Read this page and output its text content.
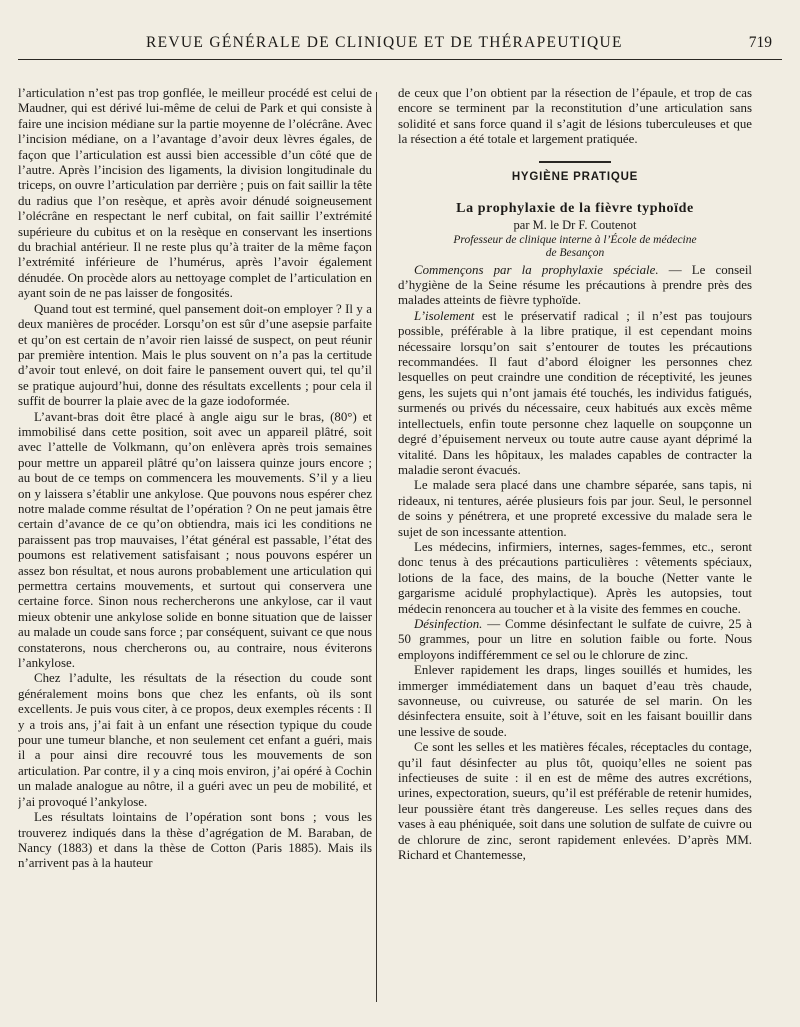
REVUE GÉNÉRALE DE CLINIQUE ET DE THÉRAPEUTIQUE	719

l’articulation n’est pas trop gonflée, le meilleur procédé est celui de Maudner, qui est dérivé lui-même de celui de Park et qui consiste à faire une incision médiane sur la partie moyenne de l’olécrâne. Avec l’incision médiane, on a l’avantage d’avoir deux lèvres égales, de façon que l’articulation est aussi bien accessible d’un côté que de l’autre. Après l’incision des ligaments, la division longitudinale du triceps, on ouvre l’articulation par derrière ; puis on fait saillir la tête du radius que l’on resèque, et après avoir dénudé soigneusement l’olécrâne en respectant le nerf cubital, on fait saillir l’extrémité supérieure du cubitus et on la resèque en conservant les insertions du brachial antérieur. Il ne reste plus qu’à traiter de la même façon l’extrémité inférieure de l’humérus, après l’avoir également dénudée. On procède alors au nettoyage complet de l’articulation en ayant soin de ne pas laisser de fongosités.

Quand tout est terminé, quel pansement doit-on employer ? Il y a deux manières de procéder. Lorsqu’on est sûr d’une asepsie parfaite et qu’on est certain de n’avoir rien laissé de suspect, on peut réunir par première intention. Mais le plus souvent on n’a pas la certitude d’avoir tout enlevé, on doit faire le pansement ouvert qui, tel qu’il se pratique aujourd’hui, donne des résultats excellents ; pour cela il suffit de bourrer la plaie avec de la gaze iodoformée.

L’avant-bras doit être placé à angle aigu sur le bras, (80°) et immobilisé dans cette position, soit avec un appareil plâtré, soit avec l’attelle de Volkmann, qu’on enlèvera après trois semaines pour mettre un appareil plâtré qu’on laissera quinze jours encore ; au bout de ce temps on commencera les mouvements. S’il y a lieu on y laissera s’établir une ankylose. Que pouvons nous espérer chez notre malade comme résultat de l’opération ? On ne peut jamais être certain d’avance de ce qu’on obtiendra, mais ici les conditions ne paraissent pas trop mauvaises, l’état général est passable, l’état des poumons est relativement satisfaisant ; nous pouvons espérer un assez bon résultat, et nous aurons probablement une articulation qui permettra certains mouvements, et surtout qui conservera une certaine force. Sinon nous rechercherons une ankylose, car il vaut mieux obtenir une ankylose solide en bonne situation que de laisser au malade un coude sans force ; par conséquent, suivant ce que nous constaterons, nous chercherons ou, au contraire, nous éviterons l’ankylose.

Chez l’adulte, les résultats de la résection du coude sont généralement moins bons que chez les enfants, où ils sont excellents. Je puis vous citer, à ce propos, deux exemples récents : Il y a trois ans, j’ai fait à un enfant une résection typique du coude pour une tumeur blanche, et non seulement cet enfant a guéri, mais il a pour ainsi dire recouvré tous les mouvements de son articulation. Par contre, il y a cinq mois environ, j’ai opéré à Cochin un malade analogue au nôtre, il a guéri avec un peu de mobilité, et j’ai provoqué l’ankylose.

Les résultats lointains de l’opération sont bons ; vous les trouverez indiqués dans la thèse d’agrégation de M. Baraban, de Nancy (1883) et dans la thèse de Cotton (Paris 1885). Mais ils n’arrivent pas à la hauteur

de ceux que l’on obtient par la résection de l’épaule, et trop de cas encore se terminent par la reconstitution d’une articulation sans solidité et sans force quand il s’agit de lésions tuberculeuses et que la résection a été totale et largement pratiquée.

HYGIÈNE PRATIQUE
La prophylaxie de la fièvre typhoïde
par M. le Dr F. Coutenot
Professeur de clinique interne à l’École de médecine
de Besançon

Commençons par la prophylaxie spéciale. — Le conseil d’hygiène de la Seine résume les précautions à prendre près des malades atteints de fièvre typhoïde.

L’isolement est le préservatif radical ; il n’est pas toujours possible, préférable à la libre pratique, il est cependant moins nécessaire lorsqu’on sait s’entourer de toutes les précautions recommandées. Il faut d’abord éloigner les personnes chez lesquelles on peut craindre une condition de réceptivité, les jeunes gens, les sujets qui n’ont jamais été touchés, les individus fatigués, surmenés ou privés du nécessaire, ceux habitués aux excès même intellectuels, enfin toute personne chez laquelle on soupçonne un degré d’épuisement nerveux ou toute autre cause ayant déprimé la vitalité. Dans les hôpitaux, les malades capables de contracter la maladie seront évacués.

Le malade sera placé dans une chambre séparée, sans tapis, ni rideaux, ni tentures, aérée plusieurs fois par jour. Seul, le personnel de soins y pénétrera, et une propreté excessive du malade sera le sujet de son incessante attention.

Les médecins, infirmiers, internes, sages-femmes, etc., seront donc tenus à des précautions particulières : vêtements spéciaux, lotions de la face, des mains, de la bouche (Netter vante le gargarisme acidulé prophylactique). Après les autopsies, tout médecin renoncera au toucher et à la visite des femmes en couche.

Désinfection. — Comme désinfectant le sulfate de cuivre, 25 à 50 grammes, pour un litre en solution faible ou forte. Nous employons indifféremment ce sel ou le chlorure de zinc.

Enlever rapidement les draps, linges souillés et humides, les immerger immédiatement dans un baquet d’eau très chaude, savonneuse, ou cuivreuse, ou saturée de sel marin. On les désinfectera ensuite, soit à l’étuve, soit en les faisant bouillir dans une lessive de soude.

Ce sont les selles et les matières fécales, réceptacles du contage, qu’il faut désinfecter au plus tôt, quoiqu’elles ne soient pas infectieuses de suite : il en est de même des autres excrétions, urines, expectoration, sueurs, qu’il est préférable de retenir humides, leur poussière étant très dangereuse. Les selles reçues dans des vases à eau phéniquée, soit dans une solution de sulfate de cuivre ou de chlorure de zinc, seront rapidement enlevées. D’après MM. Richard et Chantemesse,
